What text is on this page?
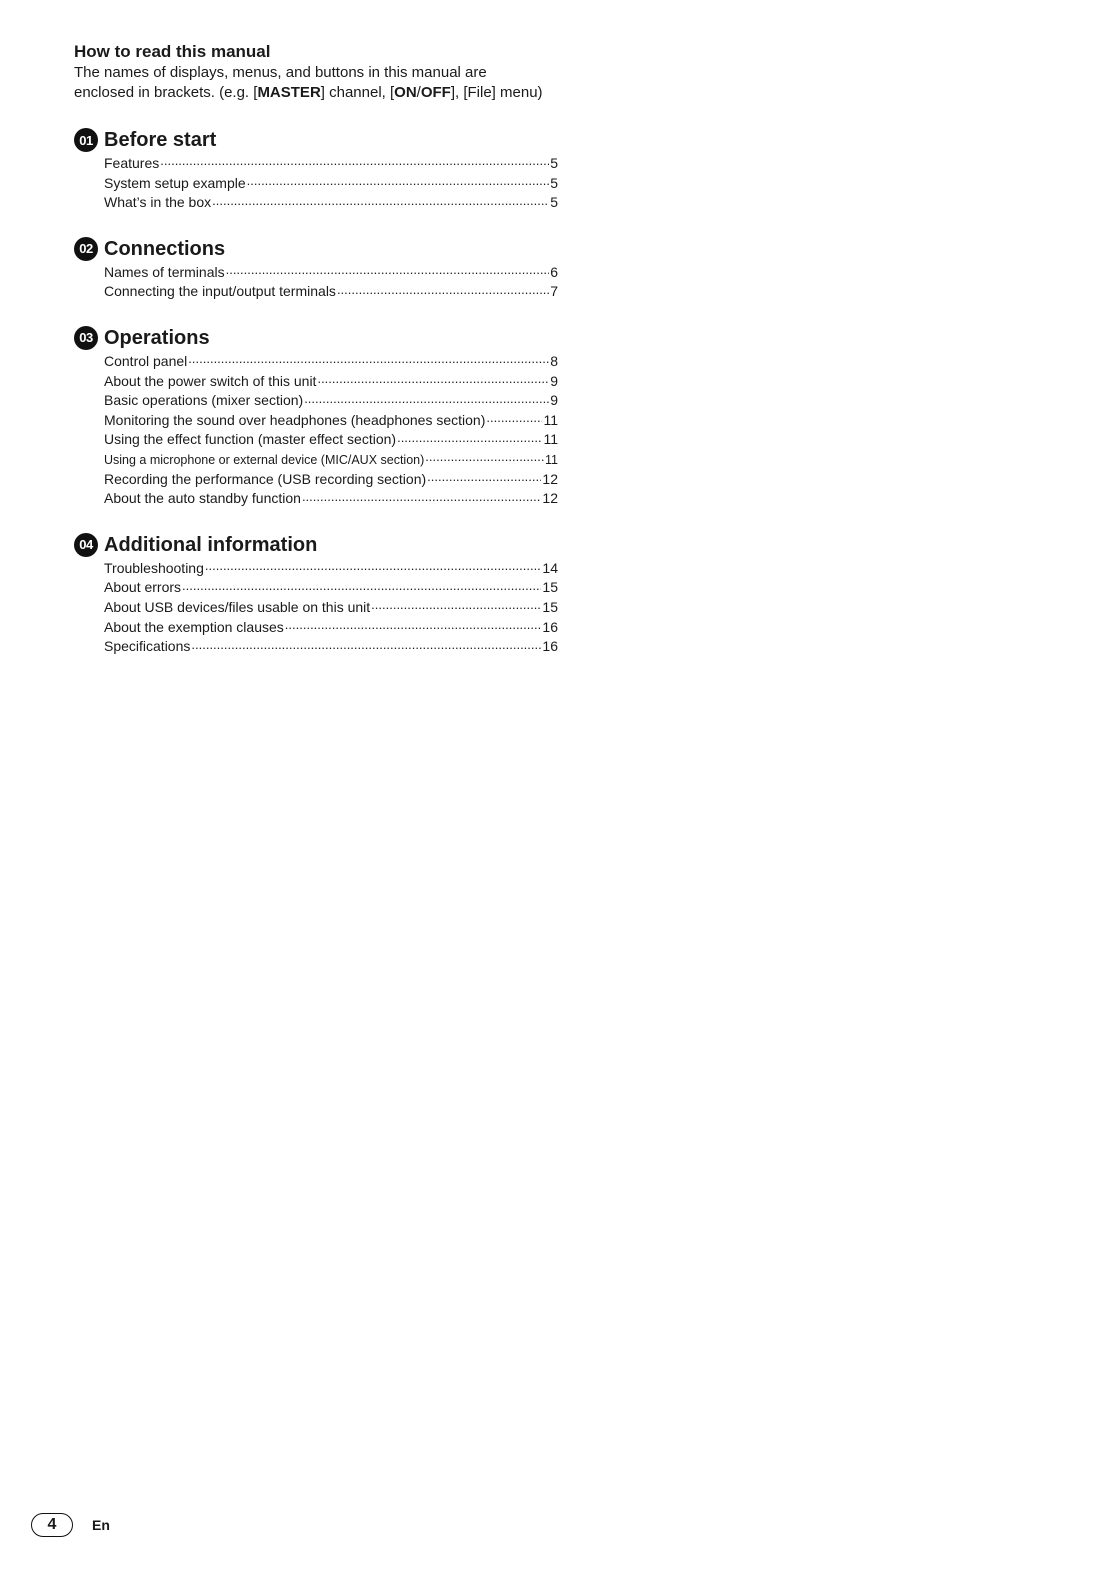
How to read this manual

The names of displays, menus, and buttons in this manual are
enclosed in brackets. (e.g. [MASTER] channel, [ON/OFF], [File] menu)

01 Before start
Features .....	5
System setup example .....	5
What’s in the box .....	5
02 Connections
Names of terminals .....	6
Connecting the input/output terminals .....	7
03 Operations
Control panel .....	8
About the power switch of this unit .....	9
Basic operations (mixer section) .....	9
Monitoring the sound over headphones (headphones section) .....	11
Using the effect function (master effect section) .....	11
Using a microphone or external device (MIC/AUX section) .....	11
Recording the performance (USB recording section) .....	12
About the auto standby function .....	12
04 Additional information
Troubleshooting .....	14
About errors .....	15
About USB devices/files usable on this unit .....	15
About the exemption clauses .....	16
Specifications .....	16
4	En
